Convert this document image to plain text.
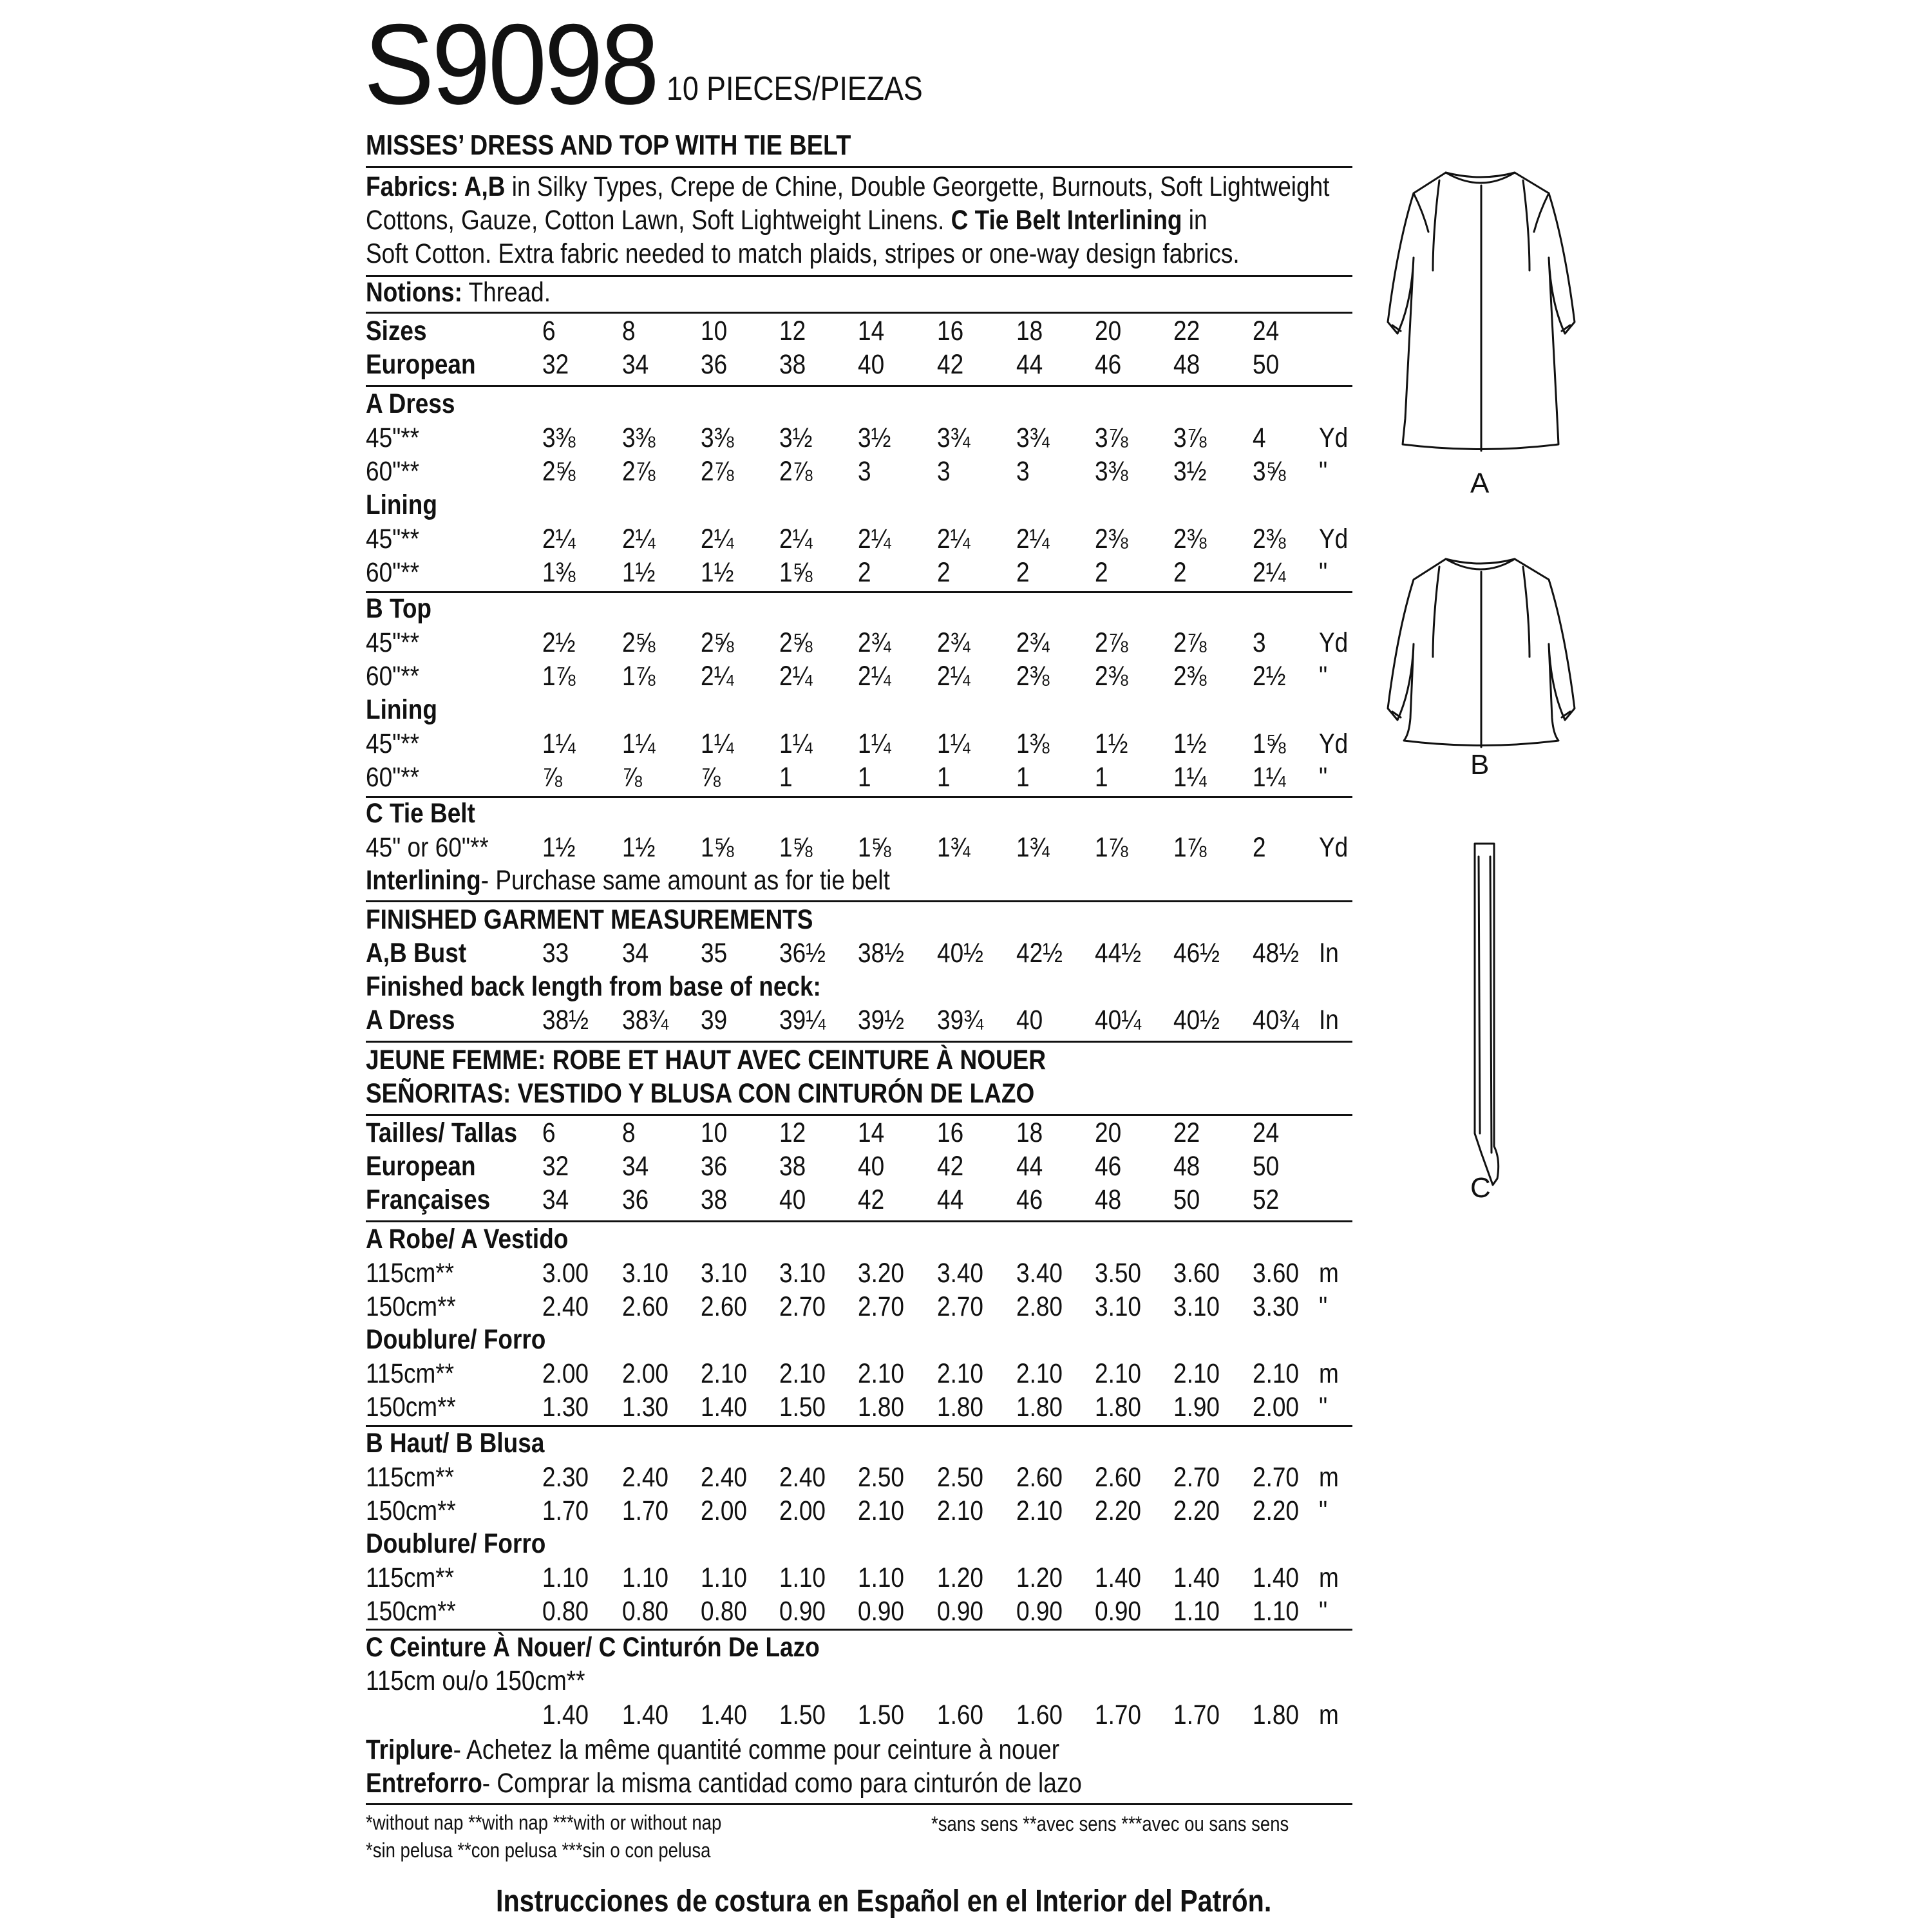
S9098 10 PIECES/PIEZAS
MISSES’ DRESS AND TOP WITH TIE BELT
Fabrics: A,B in Silky Types, Crepe de Chine, Double Georgette, Burnouts, Soft Lightweight
Cottons, Gauze, Cotton Lawn, Soft Lightweight Linens. C Tie Belt Interlining in
Soft Cotton. Extra fabric needed to match plaids, stripes or one-way design fabrics.
Notions: Thread.
Sizes	6 8 10 12 14 16 18 20 22 24
European 32 34 36 38 40 42 44 46 48 50
A Dress
45"**	3⅜ 3⅜ 3⅜ 3½ 3½ 3¾ 3¾ 3⅞ 3⅞ 4 Yd
60"**	2⅝ 2⅞ 2⅞ 2⅞ 3 3 3 3⅜ 3½ 3⅝ "
Lining
45"**	2¼ 2¼ 2¼ 2¼ 2¼ 2¼ 2¼ 2⅜ 2⅜ 2⅜ Yd
60"**	1⅜ 1½ 1½ 1⅝ 2 2 2 2 2 2¼ "
B Top
45"**	2½ 2⅝ 2⅝ 2⅝ 2¾ 2¾ 2¾ 2⅞ 2⅞ 3 Yd
60"**	1⅞ 1⅞ 2¼ 2¼ 2¼ 2¼ 2⅜ 2⅜ 2⅜ 2½ "
Lining
45"**	1¼ 1¼ 1¼ 1¼ 1¼ 1¼ 1⅜ 1½ 1½ 1⅝ Yd
60"**	⅞ ⅞ ⅞ 1 1 1 1 1 1¼ 1¼ "
C Tie Belt
45" or 60"** 1½ 1½ 1⅝ 1⅝ 1⅝ 1¾ 1¾ 1⅞ 1⅞ 2 Yd
Interlining- Purchase same amount as for tie belt
FINISHED GARMENT MEASUREMENTS
A,B Bust	33 34 35 36½ 38½ 40½ 42½ 44½ 46½ 48½ In
Finished back length from base of neck:
A Dress	38½ 38¾ 39 39¼ 39½ 39¾ 40 40¼ 40½ 40¾ In
JEUNE FEMME: ROBE ET HAUT AVEC CEINTURE À NOUER
SEÑORITAS: VESTIDO Y BLUSA CON CINTURÓN DE LAZO
Tailles/ Tallas 6 8 10 12 14 16 18 20 22 24
European 32 34 36 38 40 42 44 46 48 50
Françaises 34 36 38 40 42 44 46 48 50 52
A Robe/ A Vestido
115cm**	3.00 3.10 3.10 3.10 3.20 3.40 3.40 3.50 3.60 3.60 m
150cm**	2.40 2.60 2.60 2.70 2.70 2.70 2.80 3.10 3.10 3.30 "
Doublure/ Forro
115cm**	2.00 2.00 2.10 2.10 2.10 2.10 2.10 2.10 2.10 2.10 m
150cm**	1.30 1.30 1.40 1.50 1.80 1.80 1.80 1.80 1.90 2.00 "
B Haut/ B Blusa
115cm**	2.30 2.40 2.40 2.40 2.50 2.50 2.60 2.60 2.70 2.70 m
150cm**	1.70 1.70 2.00 2.00 2.10 2.10 2.10 2.20 2.20 2.20 "
Doublure/ Forro
115cm**	1.10 1.10 1.10 1.10 1.10 1.20 1.20 1.40 1.40 1.40 m
150cm**	0.80 0.80 0.80 0.90 0.90 0.90 0.90 0.90 1.10 1.10 "
C Ceinture À Nouer/ C Cinturón De Lazo
115cm ou/o 150cm**
1.40 1.40 1.40 1.50 1.50 1.60 1.60 1.70 1.70 1.80 m
Triplure- Achetez la même quantité comme pour ceinture à nouer
Entreforro- Comprar la misma cantidad como para cinturón de lazo
*without nap **with nap ***with or without nap
*sin pelusa **con pelusa ***sin o con pelusa
*sans sens **avec sens ***avec ou sans sens
Instrucciones de costura en Español en el Interior del Patrón.
A
B
C
